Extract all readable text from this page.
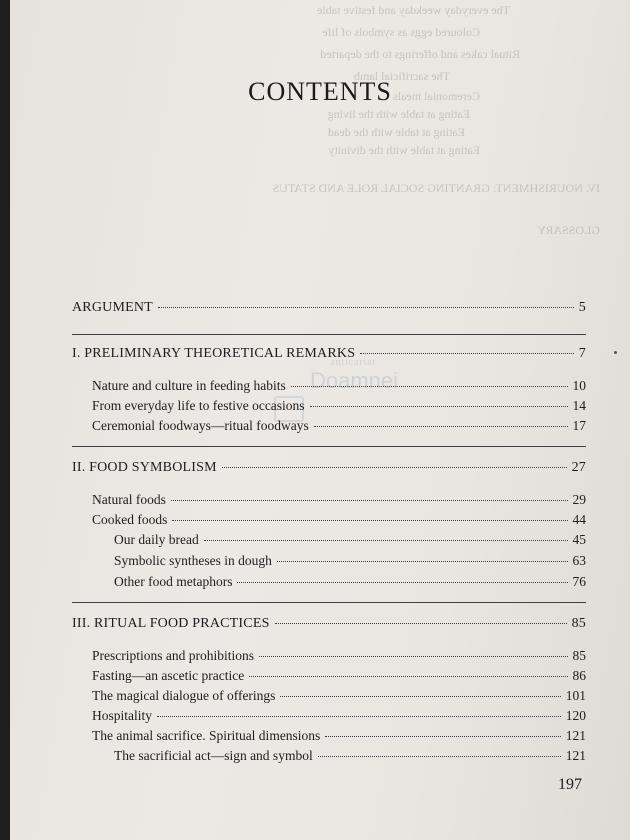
The everyday weekday and festive table
Coloured eggs as symbols of life
Ritual cakes and offerings to the departed
The sacrificial lamb
Ceremonial meals
Eating at table with the living
Eating at table with the dead
Eating at table with the divinity
IV. NOURISHMENT: GRANTING SOCIAL ROLE AND STATUS
GLOSSARY
anticariat
Doamnei
CONTENTS
ARGUMENT	5
I. PRELIMINARY THEORETICAL REMARKS	7
Nature and culture in feeding habits	10
From everyday life to festive occasions	14
Ceremonial foodways—ritual foodways	17
II. FOOD SYMBOLISM	27
Natural foods	29
Cooked foods	44
Our daily bread	45
Symbolic syntheses in dough	63
Other food metaphors	76
III. RITUAL FOOD PRACTICES	85
Prescriptions and prohibitions	85
Fasting—an ascetic practice	86
The magical dialogue of offerings	101
Hospitality	120
The animal sacrifice. Spiritual dimensions	121
The sacrificial act—sign and symbol	121
197
